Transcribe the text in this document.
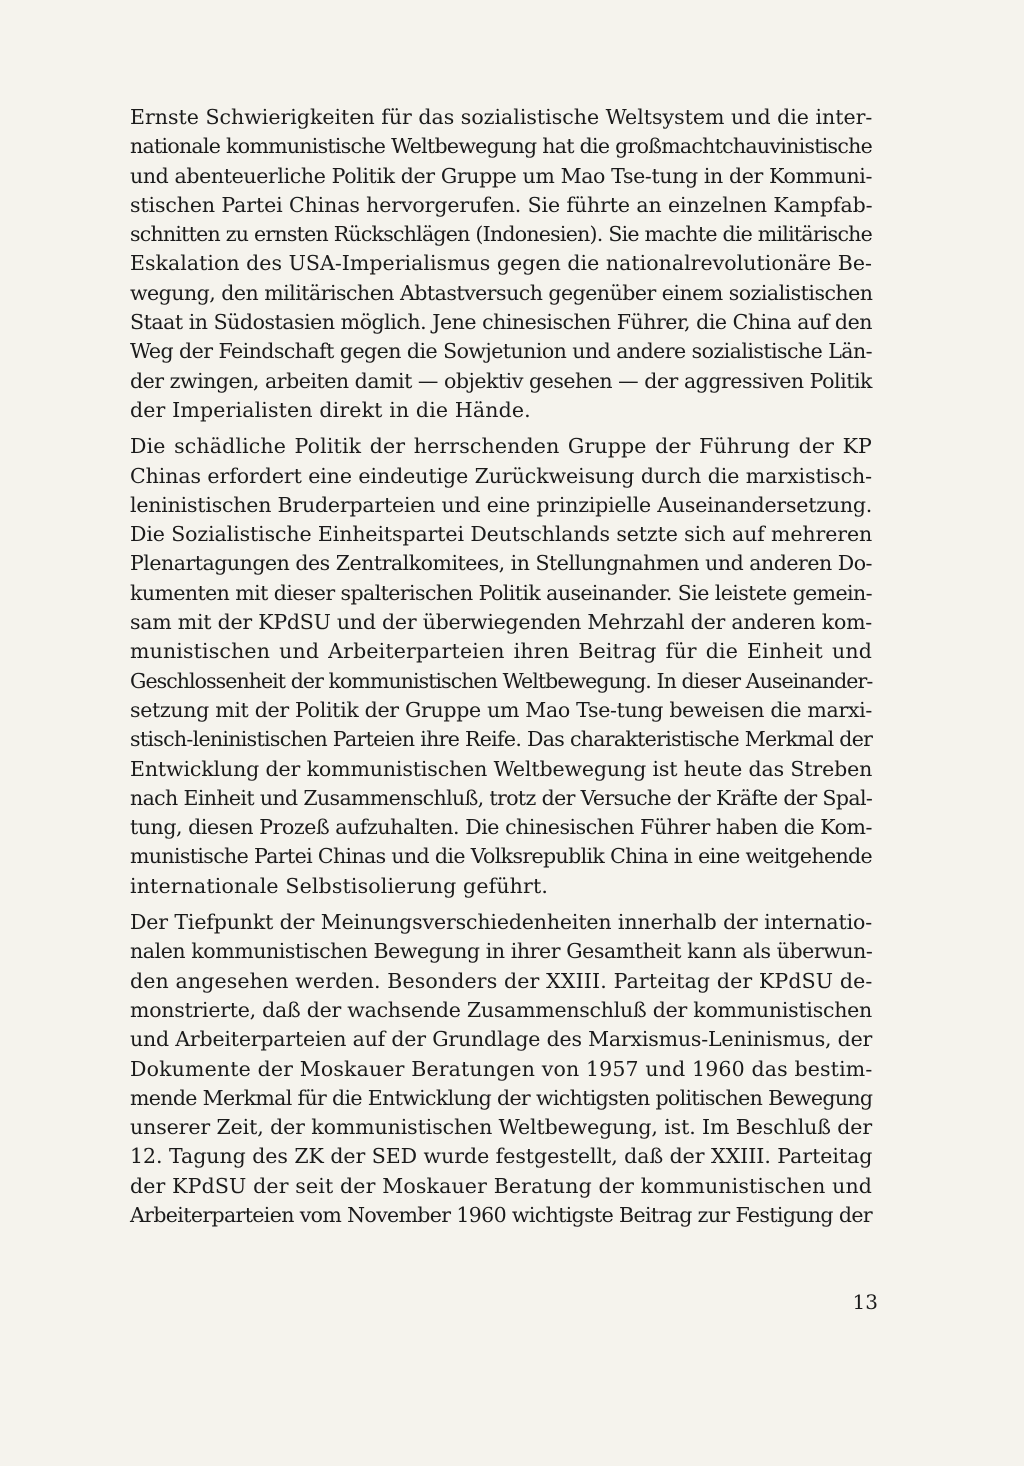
Ernste Schwierigkeiten für das sozialistische Weltsystem und die inter-
nationale kommunistische Weltbewegung hat die großmachtchauvinistische
und abenteuerliche Politik der Gruppe um Mao Tse-tung in der Kommuni-
stischen Partei Chinas hervorgerufen. Sie führte an einzelnen Kampfab-
schnitten zu ernsten Rückschlägen (Indonesien). Sie machte die militärische
Eskalation des USA-Imperialismus gegen die nationalrevolutionäre Be-
wegung, den militärischen Abtastversuch gegenüber einem sozialistischen
Staat in Südostasien möglich. Jene chinesischen Führer, die China auf den
Weg der Feindschaft gegen die Sowjetunion und andere sozialistische Län-
der zwingen, arbeiten damit — objektiv gesehen — der aggressiven Politik
der Imperialisten direkt in die Hände.
Die schädliche Politik der herrschenden Gruppe der Führung der KP
Chinas erfordert eine eindeutige Zurückweisung durch die marxistisch-
leninistischen Bruderparteien und eine prinzipielle Auseinandersetzung.
Die Sozialistische Einheitspartei Deutschlands setzte sich auf mehreren
Plenartagungen des Zentralkomitees, in Stellungnahmen und anderen Do-
kumenten mit dieser spalterischen Politik auseinander. Sie leistete gemein-
sam mit der KPdSU und der überwiegenden Mehrzahl der anderen kom-
munistischen und Arbeiterparteien ihren Beitrag für die Einheit und
Geschlossenheit der kommunistischen Weltbewegung. In dieser Auseinander-
setzung mit der Politik der Gruppe um Mao Tse-tung beweisen die marxi-
stisch-leninistischen Parteien ihre Reife. Das charakteristische Merkmal der
Entwicklung der kommunistischen Weltbewegung ist heute das Streben
nach Einheit und Zusammenschluß, trotz der Versuche der Kräfte der Spal-
tung, diesen Prozeß aufzuhalten. Die chinesischen Führer haben die Kom-
munistische Partei Chinas und die Volksrepublik China in eine weitgehende
internationale Selbstisolierung geführt.
Der Tiefpunkt der Meinungsverschiedenheiten innerhalb der internatio-
nalen kommunistischen Bewegung in ihrer Gesamtheit kann als überwun-
den angesehen werden. Besonders der XXIII. Parteitag der KPdSU de-
monstrierte, daß der wachsende Zusammenschluß der kommunistischen
und Arbeiterparteien auf der Grundlage des Marxismus-Leninismus, der
Dokumente der Moskauer Beratungen von 1957 und 1960 das bestim-
mende Merkmal für die Entwicklung der wichtigsten politischen Bewegung
unserer Zeit, der kommunistischen Weltbewegung, ist. Im Beschluß der
12. Tagung des ZK der SED wurde festgestellt, daß der XXIII. Parteitag
der KPdSU der seit der Moskauer Beratung der kommunistischen und
Arbeiterparteien vom November 1960 wichtigste Beitrag zur Festigung der
13
